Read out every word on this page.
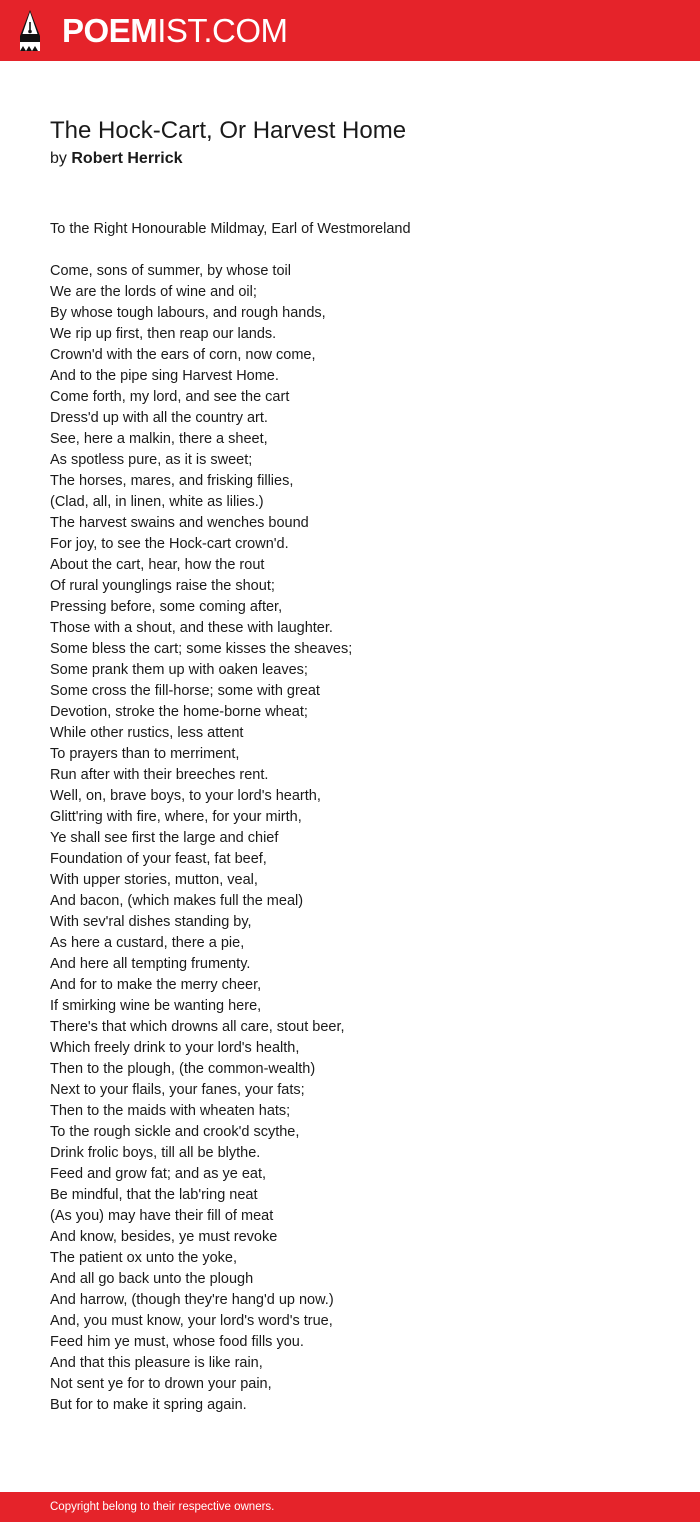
POEMIST.COM
The Hock-Cart, Or Harvest Home
by Robert Herrick
To the Right Honourable Mildmay, Earl of Westmoreland
Come, sons of summer, by whose toil
We are the lords of wine and oil;
By whose tough labours, and rough hands,
We rip up first, then reap our lands.
Crown'd with the ears of corn, now come,
And to the pipe sing Harvest Home.
Come forth, my lord, and see the cart
Dress'd up with all the country art.
See, here a malkin, there a sheet,
As spotless pure, as it is sweet;
The horses, mares, and frisking fillies,
(Clad, all, in linen, white as lilies.)
The harvest swains and wenches bound
For joy, to see the Hock-cart crown'd.
About the cart, hear, how the rout
Of rural younglings raise the shout;
Pressing before, some coming after,
Those with a shout, and these with laughter.
Some bless the cart; some kisses the sheaves;
Some prank them up with oaken leaves;
Some cross the fill-horse; some with great
Devotion, stroke the home-borne wheat;
While other rustics, less attent
To prayers than to merriment,
Run after with their breeches rent.
Well, on, brave boys, to your lord's hearth,
Glitt'ring with fire, where, for your mirth,
Ye shall see first the large and chief
Foundation of your feast, fat beef,
With upper stories, mutton, veal,
And bacon, (which makes full the meal)
With sev'ral dishes standing by,
As here a custard, there a pie,
And here all tempting frumenty.
And for to make the merry cheer,
If smirking wine be wanting here,
There's that which drowns all care, stout beer,
Which freely drink to your lord's health,
Then to the plough, (the common-wealth)
Next to your flails, your fanes, your fats;
Then to the maids with wheaten hats;
To the rough sickle and crook'd scythe,
Drink frolic boys, till all be blythe.
Feed and grow fat; and as ye eat,
Be mindful, that the lab'ring neat
(As you) may have their fill of meat
And know, besides, ye must revoke
The patient ox unto the yoke,
And all go back unto the plough
And harrow, (though they're hang'd up now.)
And, you must know, your lord's word's true,
Feed him ye must, whose food fills you.
And that this pleasure is like rain,
Not sent ye for to drown your pain,
But for to make it spring again.
Copyright belong to their respective owners.
